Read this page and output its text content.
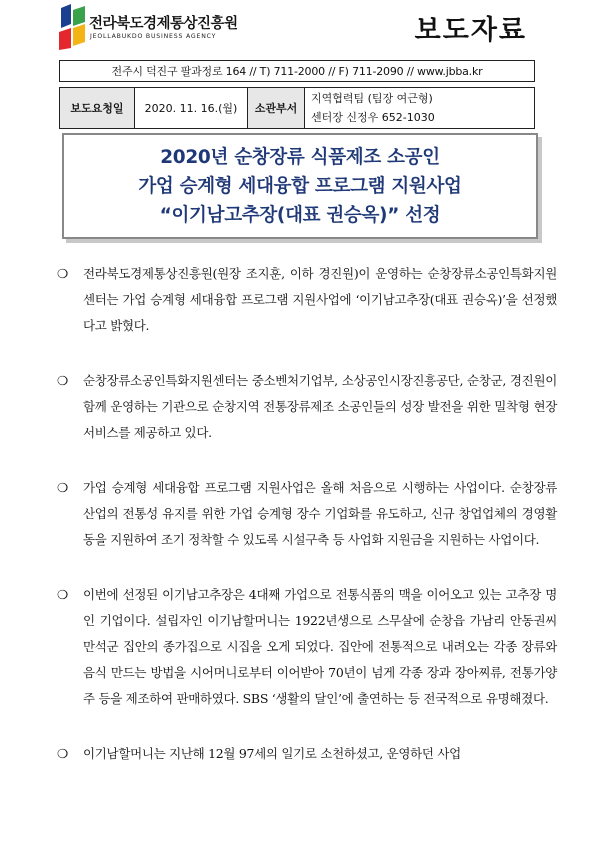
전라북도경제통상진흥원
JEOLLABUKDO BUSINESS AGENCY	보도자료
전주시 덕진구 팔과정로 164 // T) 711-2000 // F) 711-2090 // www.jbba.kr
보도요청일	2020. 11. 16.(월)	소관부서	
지역협력팀 (팀장 여근형)
센터장 신정우 652-1030
2020년 순창장류 식품제조 소공인
가업 승계형 세대융합 프로그램 지원사업
“이기남고추장(대표 권승옥)” 선정
❍	전라북도경제통상진흥원(원장 조지훈, 이하 경진원)이 운영하는 순창장류소공인특화지원센터는 가업 승계형 세대융합 프로그램 지원사업에 ‘이기남고추장(대표 권승옥)’을 선정했다고 밝혔다.
❍	순창장류소공인특화지원센터는 중소벤처기업부, 소상공인시장진흥공단, 순창군, 경진원이 함께 운영하는 기관으로 순창지역 전통장류제조 소공인들의 성장 발전을 위한 밀착형 현장 서비스를 제공하고 있다.
❍	가업 승계형 세대융합 프로그램 지원사업은 올해 처음으로 시행하는 사업이다. 순창장류 산업의 전통성 유지를 위한 가업 승계형 장수 기업화를 유도하고, 신규 창업업체의 경영활동을 지원하여 조기 정착할 수 있도록 시설구축 등 사업화 지원금을 지원하는 사업이다.
❍	이번에 선정된 이기남고추장은 4대째 가업으로 전통식품의 맥을 이어오고 있는 고추장 명인 기업이다. 설립자인 이기남할머니는 1922년생으로 스무살에 순창읍 가남리 안동권씨 만석군 집안의 종가집으로 시집을 오게 되었다. 집안에 전통적으로 내려오는 각종 장류와 음식 만드는 방법을 시어머니로부터 이어받아 70년이 넘게 각종 장과 장아찌류, 전통가양주 등을 제조하여 판매하였다. SBS ‘생활의 달인’에 출연하는 등 전국적으로 유명해졌다.
❍	이기남할머니는 지난해 12월 97세의 일기로 소천하셨고, 운영하던 사업
